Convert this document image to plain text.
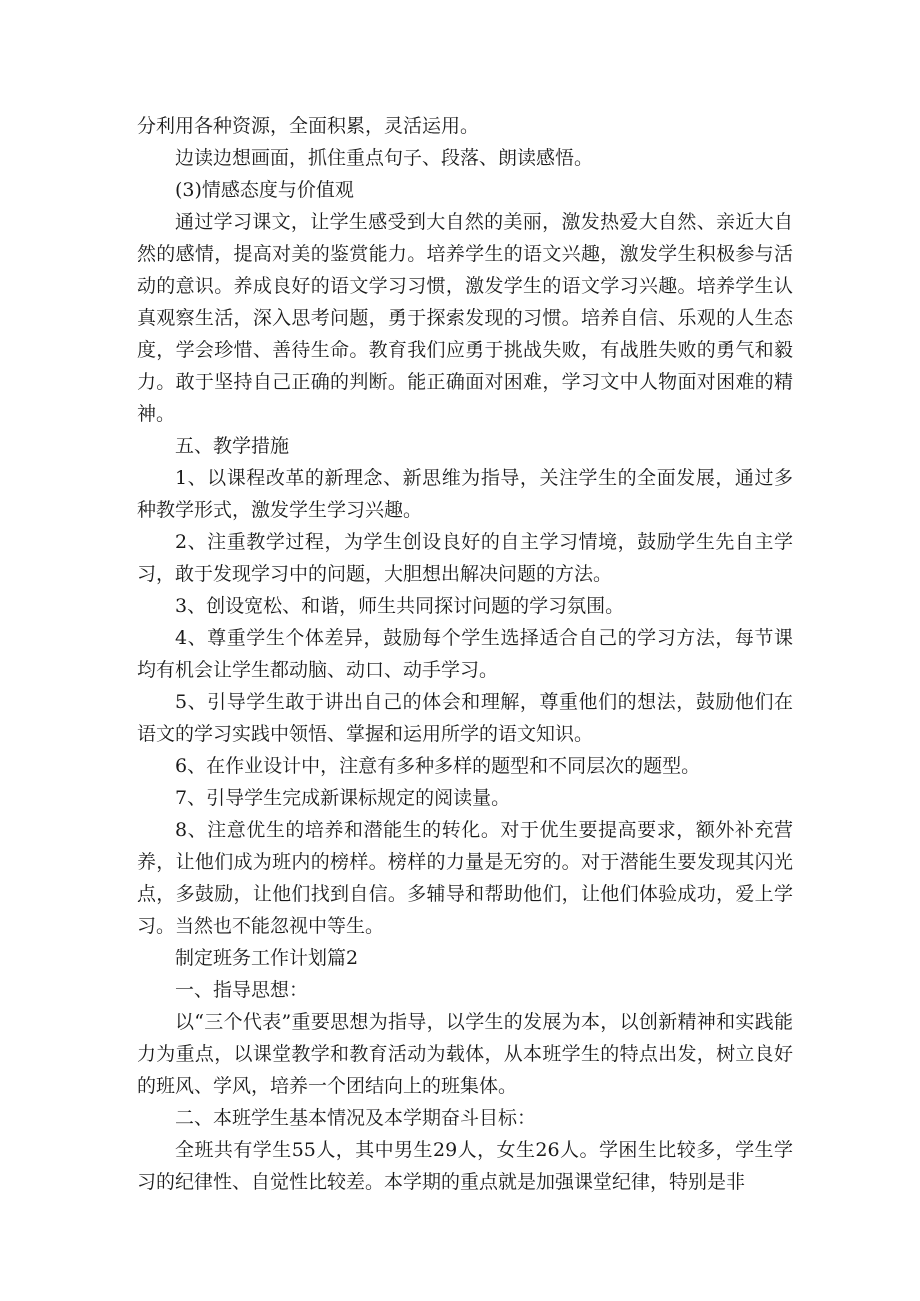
分利用各种资源，全面积累，灵活运用。

边读边想画面，抓住重点句子、段落、朗读感悟。

(3)情感态度与价值观

通过学习课文，让学生感受到大自然的美丽，激发热爱大自然、亲近大自然的感情，提高对美的鉴赏能力。培养学生的语文兴趣，激发学生积极参与活动的意识。养成良好的语文学习习惯，激发学生的语文学习兴趣。培养学生认真观察生活，深入思考问题，勇于探索发现的习惯。培养自信、乐观的人生态度，学会珍惜、善待生命。教育我们应勇于挑战失败，有战胜失败的勇气和毅力。敢于坚持自己正确的判断。能正确面对困难，学习文中人物面对困难的精神。

五、教学措施

1、以课程改革的新理念、新思维为指导，关注学生的全面发展，通过多种教学形式，激发学生学习兴趣。

2、注重教学过程，为学生创设良好的自主学习情境，鼓励学生先自主学习，敢于发现学习中的问题，大胆想出解决问题的方法。

3、创设宽松、和谐，师生共同探讨问题的学习氛围。

4、尊重学生个体差异，鼓励每个学生选择适合自己的学习方法，每节课均有机会让学生都动脑、动口、动手学习。

5、引导学生敢于讲出自己的体会和理解，尊重他们的想法，鼓励他们在语文的学习实践中领悟、掌握和运用所学的语文知识。

6、在作业设计中，注意有多种多样的题型和不同层次的题型。

7、引导学生完成新课标规定的阅读量。

8、注意优生的培养和潜能生的转化。对于优生要提高要求，额外补充营养，让他们成为班内的榜样。榜样的力量是无穷的。对于潜能生要发现其闪光点，多鼓励，让他们找到自信。多辅导和帮助他们，让他们体验成功，爱上学习。当然也不能忽视中等生。

制定班务工作计划篇2

一、指导思想：

以“三个代表”重要思想为指导，以学生的发展为本，以创新精神和实践能力为重点，以课堂教学和教育活动为载体，从本班学生的特点出发，树立良好的班风、学风，培养一个团结向上的班集体。

二、本班学生基本情况及本学期奋斗目标：

全班共有学生55人，其中男生29人，女生26人。学困生比较多，学生学习的纪律性、自觉性比较差。本学期的重点就是加强课堂纪律，特别是非
